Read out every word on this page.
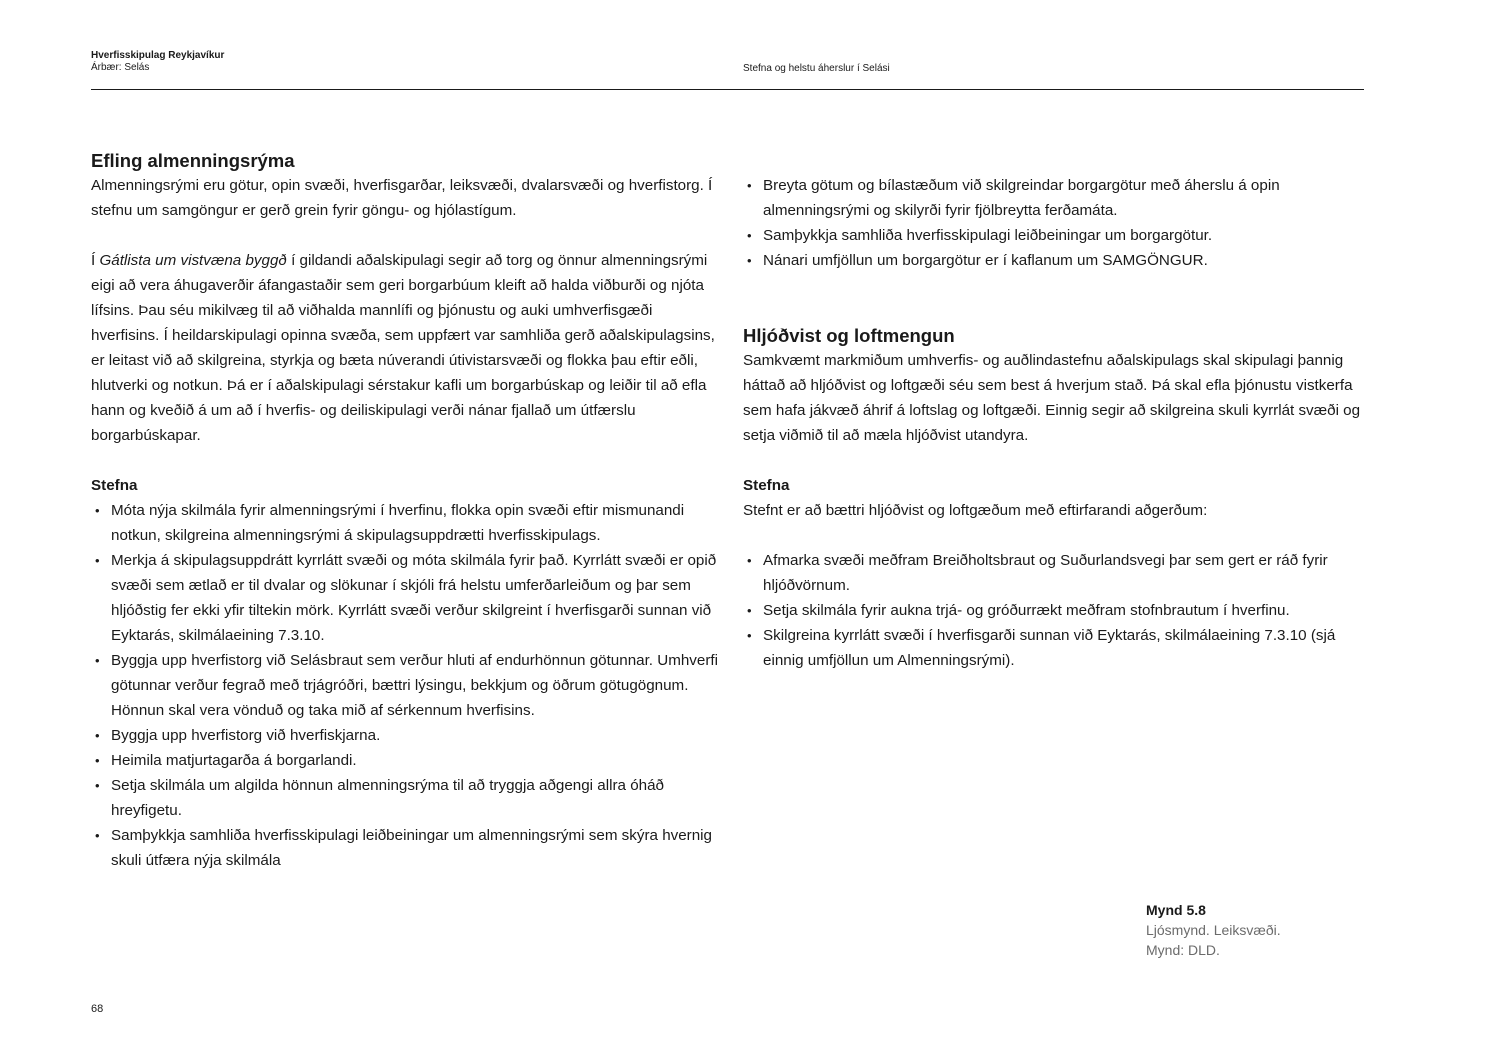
Hverfisskipulag Reykjavíkur
Árbær: Selás	Stefna og helstu áherslur í Selási
Efling almenningsrýma

Almenningsrými eru götur, opin svæði, hverfisgarðar, leiksvæði, dvalarsvæði og hverfistorg. Í stefnu um samgöngur er gerð grein fyrir göngu- og hjólastígum.

Í Gátlista um vistvæna byggð í gildandi aðalskipulagi segir að torg og önnur almenningsrými eigi að vera áhugaverðir áfangastaðir sem geri borgarbúum kleift að halda viðburði og njóta lífsins. Þau séu mikilvæg til að viðhalda mannlífi og þjónustu og auki umhverfisgæði hverfisins. Í heildarskipulagi opinna svæða, sem uppfært var samhliða gerð aðalskipulagsins, er leitast við að skilgreina, styrkja og bæta núverandi útivistarsvæði og flokka þau eftir eðli, hlutverki og notkun. Þá er í aðalskipulagi sérstakur kafli um borgarbúskap og leiðir til að efla hann og kveðið á um að í hverfis- og deiliskipulagi verði nánar fjallað um útfærslu borgarbúskapar.

Stefna
• Móta nýja skilmála fyrir almenningsrými í hverfinu, flokka opin svæði eftir mismunandi notkun, skilgreina almenningsrými á skipulagsuppdrætti hverfisskipulags.
• Merkja á skipulagsuppdrátt kyrrlátt svæði og móta skilmála fyrir það. Kyrrlátt svæði er opið svæði sem ætlað er til dvalar og slökunar í skjóli frá helstu umferðarleiðum og þar sem hljóðstig fer ekki yfir tiltekin mörk. Kyrrlátt svæði verður skilgreint í hverfisgarði sunnan við Eyktarás, skilmálaeining 7.3.10.
• Byggja upp hverfistorg við Selásbraut sem verður hluti af endurhönnun götunnar. Umhverfi götunnar verður fegrað með trjágróðri, bættri lýsingu, bekkjum og öðrum götugögnum. Hönnun skal vera vönduð og taka mið af sérkennum hverfisins.
• Byggja upp hverfistorg við hverfiskjarna.
• Heimila matjurtagarða á borgarlandi.
• Setja skilmála um algilda hönnun almenningsrýma til að tryggja aðgengi allra óháð hreyfigetu.
• Samþykkja samhliða hverfisskipulagi leiðbeiningar um almenningsrými sem skýra hvernig skuli útfæra nýja skilmála
• Breyta götum og bílastæðum við skilgreindar borgargötur með áherslu á opin almenningsrými og skilyrði fyrir fjölbreytta ferðamáta.
• Samþykkja samhliða hverfisskipulagi leiðbeiningar um borgargötur.
• Nánari umfjöllun um borgargötur er í kaflanum um SAMGÖNGUR.
Hljóðvist og loftmengun

Samkvæmt markmiðum umhverfis- og auðlindastefnu aðalskipulags skal skipulagi þannig háttað að hljóðvist og loftgæði séu sem best á hverjum stað. Þá skal efla þjónustu vistkerfa sem hafa jákvæð áhrif á loftslag og loftgæði. Einnig segir að skilgreina skuli kyrrlát svæði og setja viðmið til að mæla hljóðvist utandyra.

Stefna

Stefnt er að bættri hljóðvist og loftgæðum með eftirfarandi aðgerðum:

• Afmarka svæði meðfram Breiðholtsbraut og Suðurlandsvegi þar sem gert er ráð fyrir hljóðvörnum.
• Setja skilmála fyrir aukna trjá- og gróðurrækt meðfram stofnbrautum í hverfinu.
• Skilgreina kyrrlátt svæði í hverfisgarði sunnan við Eyktarás, skilmálaeining 7.3.10 (sjá einnig umfjöllun um Almenningsrými).
Mynd 5.8
Ljósmynd. Leiksvæði.
Mynd: DLD.
68
